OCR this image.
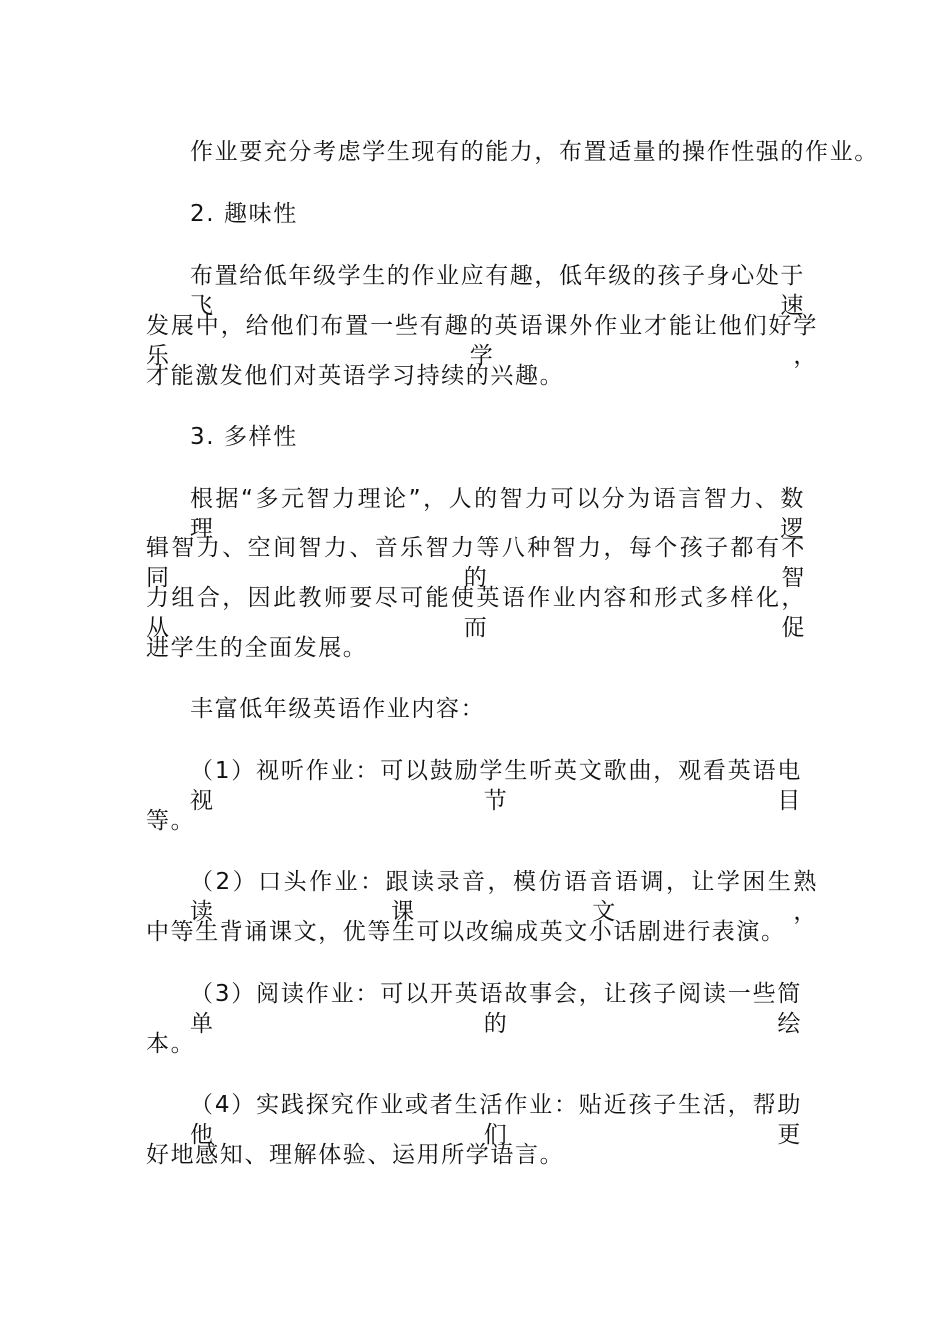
作业要充分考虑学生现有的能力，布置适量的操作性强的作业。
2. 趣味性
布置给低年级学生的作业应有趣，低年级的孩子身心处于飞速
发展中，给他们布置一些有趣的英语课外作业才能让他们好学乐学，
才能激发他们对英语学习持续的兴趣。
3. 多样性
根据“多元智力理论”，人的智力可以分为语言智力、数理逻
辑智力、空间智力、音乐智力等八种智力，每个孩子都有不同的智
力组合，因此教师要尽可能使英语作业内容和形式多样化，从而促
进学生的全面发展。
丰富低年级英语作业内容：
（1）视听作业：可以鼓励学生听英文歌曲，观看英语电视节目
等。
（2）口头作业：跟读录音，模仿语音语调，让学困生熟读课文，
中等生背诵课文，优等生可以改编成英文小话剧进行表演。
（3）阅读作业：可以开英语故事会，让孩子阅读一些简单的绘
本。
（4）实践探究作业或者生活作业：贴近孩子生活，帮助他们更
好地感知、理解体验、运用所学语言。
